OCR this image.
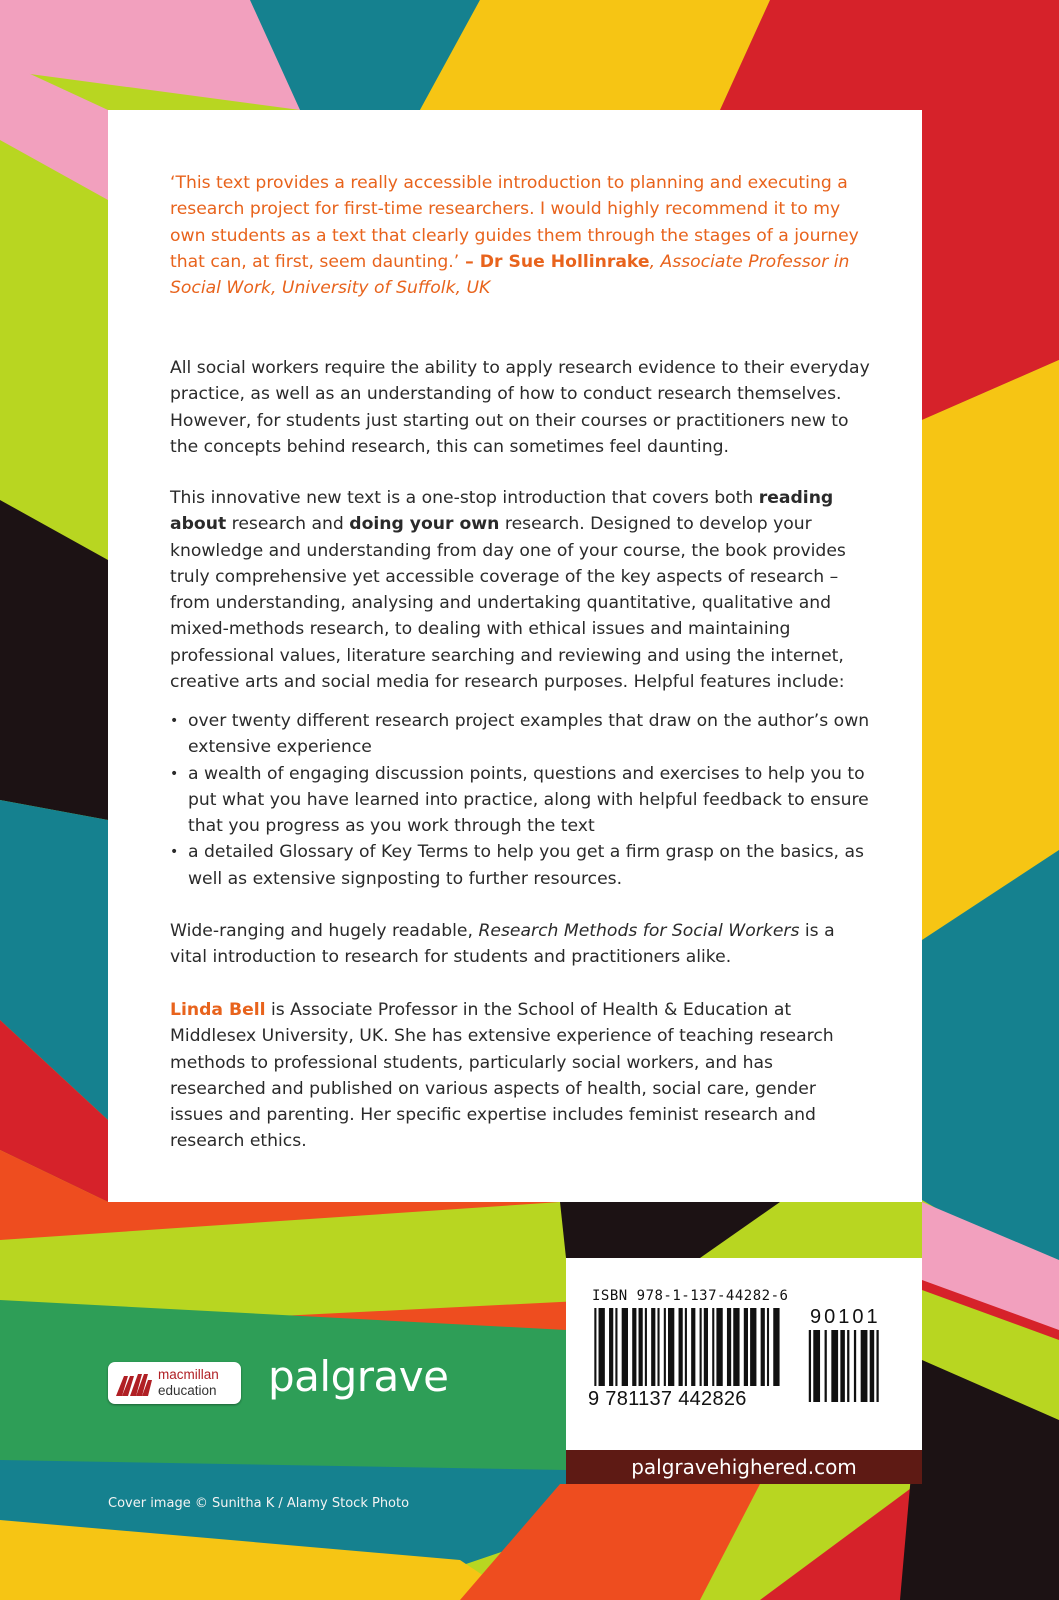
‘This text provides a really accessible introduction to planning and executing a research project for first-time researchers. I would highly recommend it to my own students as a text that clearly guides them through the stages of a journey that can, at first, seem daunting.’ – Dr Sue Hollinrake, Associate Professor in Social Work, University of Suffolk, UK
All social workers require the ability to apply research evidence to their everyday practice, as well as an understanding of how to conduct research themselves. However, for students just starting out on their courses or practitioners new to the concepts behind research, this can sometimes feel daunting.
This innovative new text is a one-stop introduction that covers both reading about research and doing your own research. Designed to develop your knowledge and understanding from day one of your course, the book provides truly comprehensive yet accessible coverage of the key aspects of research – from understanding, analysing and undertaking quantitative, qualitative and mixed-methods research, to dealing with ethical issues and maintaining professional values, literature searching and reviewing and using the internet, creative arts and social media for research purposes. Helpful features include:
• over twenty different research project examples that draw on the author’s own extensive experience
• a wealth of engaging discussion points, questions and exercises to help you to put what you have learned into practice, along with helpful feedback to ensure that you progress as you work through the text
• a detailed Glossary of Key Terms to help you get a firm grasp on the basics, as well as extensive signposting to further resources.
Wide-ranging and hugely readable, Research Methods for Social Workers is a vital introduction to research for students and practitioners alike.
Linda Bell is Associate Professor in the School of Health & Education at Middlesex University, UK. She has extensive experience of teaching research methods to professional students, particularly social workers, and has researched and published on various aspects of health, social care, gender issues and parenting. Her specific expertise includes feminist research and research ethics.
macmillan
education	palgrave
Cover image © Sunitha K / Alamy Stock Photo
ISBN 978-1-137-44282-6
9 781137 442826
90101
palgravehighered.com
